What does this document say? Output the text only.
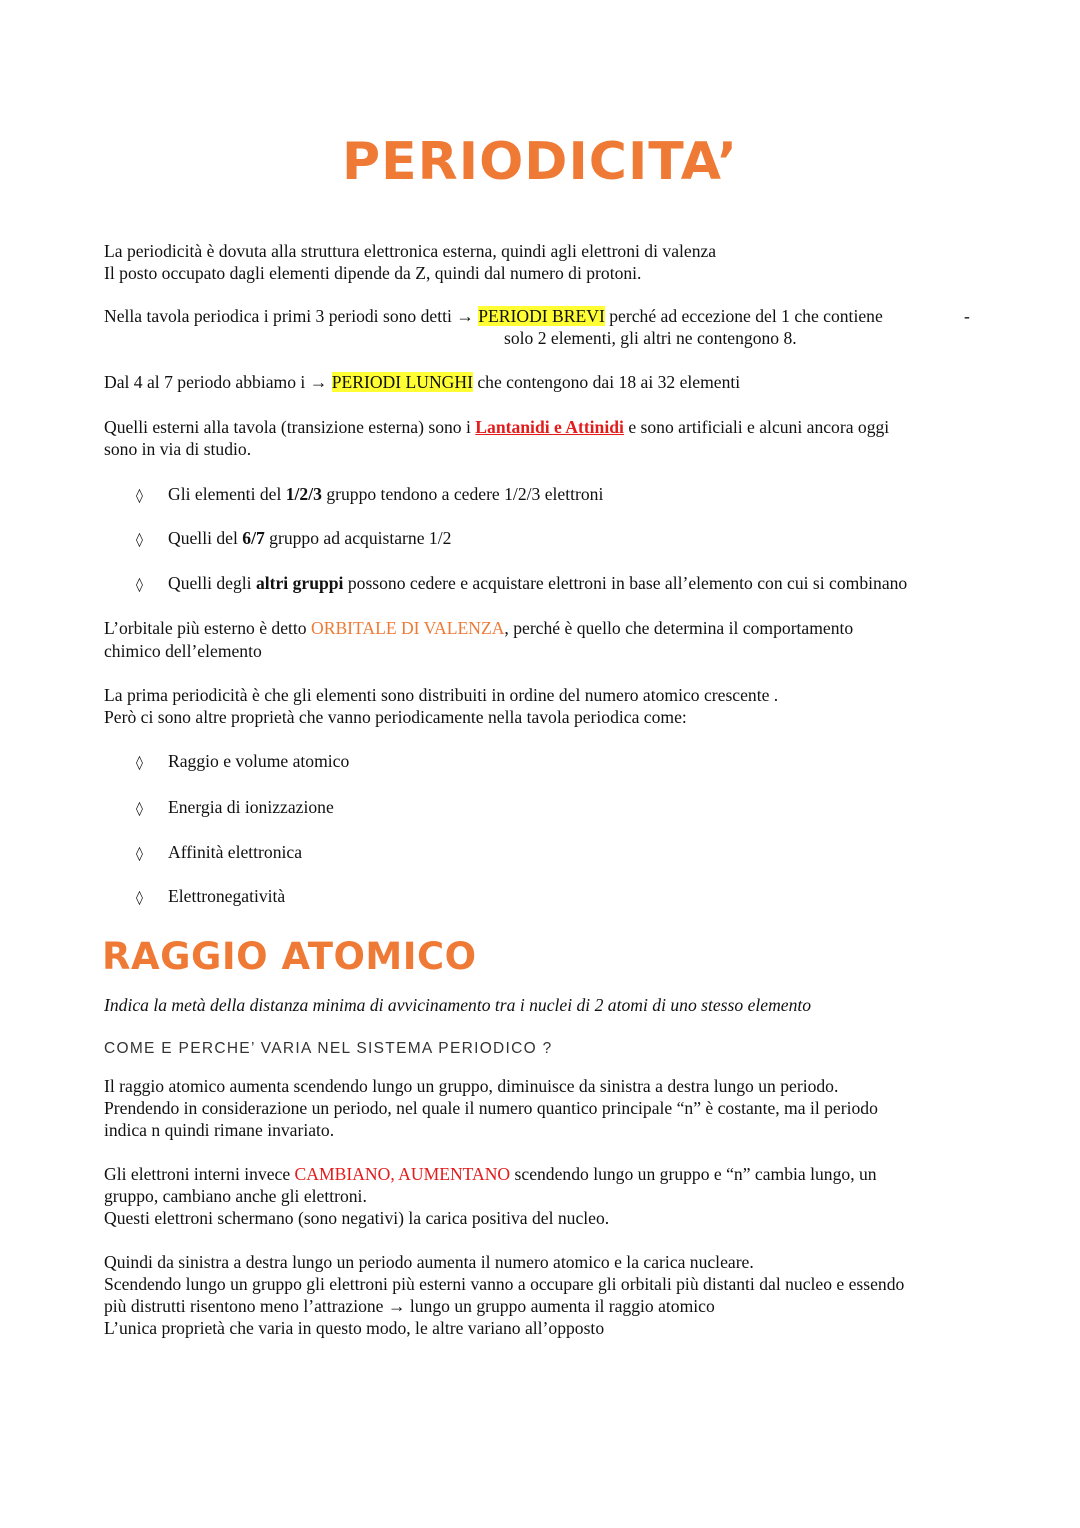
PERIODICITA’
La periodicità è dovuta alla struttura elettronica esterna, quindi agli elettroni di valenza
Il posto occupato dagli elementi dipende da Z, quindi dal numero di protoni.
Nella tavola periodica i primi 3 periodi sono detti → PERIODI BREVI perché ad eccezione del 1 che contiene	-
solo 2 elementi, gli altri ne contengono 8.
Dal 4 al 7 periodo abbiamo i → PERIODI LUNGHI che contengono dai 18 ai 32 elementi
Quelli esterni alla tavola (transizione esterna) sono i Lantanidi e Attinidi e sono artificiali e alcuni ancora oggi
sono in via di studio.
◊ Gli elementi del 1/2/3 gruppo tendono a cedere 1/2/3 elettroni
◊ Quelli del 6/7 gruppo ad acquistarne 1/2
◊ Quelli degli altri gruppi possono cedere e acquistare elettroni in base all’elemento con cui si combinano
L’orbitale più esterno è detto ORBITALE DI VALENZA, perché è quello che determina il comportamento
chimico dell’elemento
La prima periodicità è che gli elementi sono distribuiti in ordine del numero atomico crescente .
Però ci sono altre proprietà che vanno periodicamente nella tavola periodica come:
◊ Raggio e volume atomico
◊ Energia di ionizzazione
◊ Affinità elettronica
◊ Elettronegatività
RAGGIO ATOMICO
Indica la metà della distanza minima di avvicinamento tra i nuclei di 2 atomi di uno stesso elemento
COME E PERCHE’ VARIA NEL SISTEMA PERIODICO ?
Il raggio atomico aumenta scendendo lungo un gruppo, diminuisce da sinistra a destra lungo un periodo.
Prendendo in considerazione un periodo, nel quale il numero quantico principale “n” è costante, ma il periodo
indica n quindi rimane invariato.
Gli elettroni interni invece CAMBIANO, AUMENTANO scendendo lungo un gruppo e “n” cambia lungo, un
gruppo, cambiano anche gli elettroni.
Questi elettroni schermano (sono negativi) la carica positiva del nucleo.
Quindi da sinistra a destra lungo un periodo aumenta il numero atomico e la carica nucleare.
Scendendo lungo un gruppo gli elettroni più esterni vanno a occupare gli orbitali più distanti dal nucleo e essendo
più distrutti risentono meno l’attrazione → lungo un gruppo aumenta il raggio atomico
L’unica proprietà che varia in questo modo, le altre variano all’opposto
